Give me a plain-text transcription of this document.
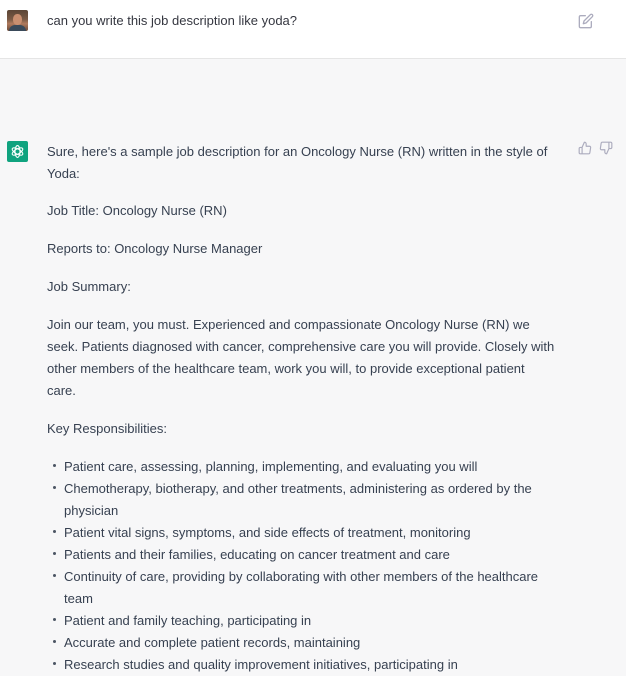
can you write this job description like yoda?

Sure, here's a sample job description for an Oncology Nurse (RN) written in the style of Yoda:

Job Title: Oncology Nurse (RN)

Reports to: Oncology Nurse Manager

Job Summary:

Join our team, you must. Experienced and compassionate Oncology Nurse (RN) we seek. Patients diagnosed with cancer, comprehensive care you will provide. Closely with other members of the healthcare team, work you will, to provide exceptional patient care.

Key Responsibilities:

Patient care, assessing, planning, implementing, and evaluating you will
Chemotherapy, biotherapy, and other treatments, administering as ordered by the physician
Patient vital signs, symptoms, and side effects of treatment, monitoring
Patients and their families, educating on cancer treatment and care
Continuity of care, providing by collaborating with other members of the healthcare team
Patient and family teaching, participating in
Accurate and complete patient records, maintaining
Research studies and quality improvement initiatives, participating in
